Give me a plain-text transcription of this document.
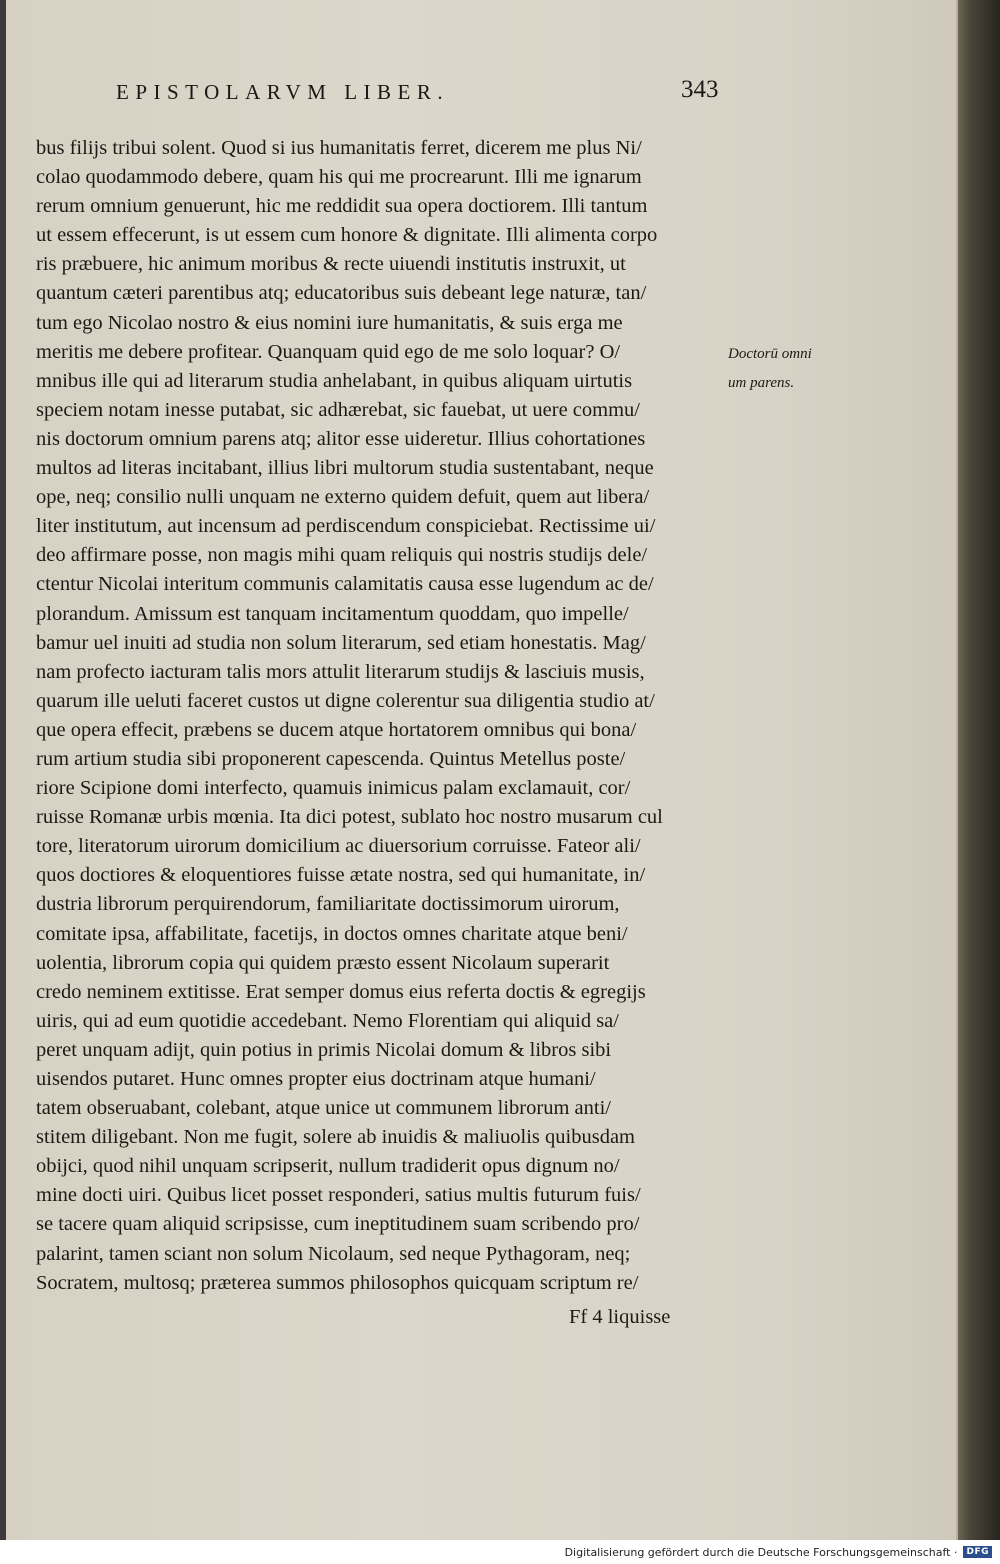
EPISTOLARVM LIBER.	343
bus filijs tribui solent. Quod si ius humanitatis ferret, dicerem me plus Ni/
colao quodammodo debere, quam his qui me procrearunt. Illi me ignarum
rerum omnium genuerunt, hic me reddidit sua opera doctiorem. Illi tantum
ut essem effecerunt, is ut essem cum honore & dignitate. Illi alimenta corpo
ris præbuere, hic animum moribus & recte uiuendi institutis instruxit, ut
quantum cæteri parentibus atq; educatoribus suis debeant lege naturæ, tan/
tum ego Nicolao nostro & eius nomini iure humanitatis, & suis erga me
meritis me debere profitear. Quanquam quid ego de me solo loquar? O/
mnibus ille qui ad literarum studia anhelabant, in quibus aliquam uirtutis
speciem notam inesse putabat, sic adhærebat, sic fauebat, ut uere commu/
nis doctorum omnium parens atq; alitor esse uideretur. Illius cohortationes
multos ad literas incitabant, illius libri multorum studia sustentabant, neque
ope, neq; consilio nulli unquam ne externo quidem defuit, quem aut libera/
liter institutum, aut incensum ad perdiscendum conspiciebat. Rectissime ui/
deo affirmare posse, non magis mihi quam reliquis qui nostris studijs dele/
ctentur Nicolai interitum communis calamitatis causa esse lugendum ac de/
plorandum. Amissum est tanquam incitamentum quoddam, quo impelle/
bamur uel inuiti ad studia non solum literarum, sed etiam honestatis. Mag/
nam profecto iacturam talis mors attulit literarum studijs & lasciuis musis,
quarum ille ueluti faceret custos ut digne colerentur sua diligentia studio at/
que opera effecit, præbens se ducem atque hortatorem omnibus qui bona/
rum artium studia sibi proponerent capescenda. Quintus Metellus poste/
riore Scipione domi interfecto, quamuis inimicus palam exclamauit, cor/
ruisse Romanæ urbis mœnia. Ita dici potest, sublato hoc nostro musarum cul
tore, literatorum uirorum domicilium ac diuersorium corruisse. Fateor ali/
quos doctiores & eloquentiores fuisse ætate nostra, sed qui humanitate, in/
dustria librorum perquirendorum, familiaritate doctissimorum uirorum,
comitate ipsa, affabilitate, facetijs, in doctos omnes charitate atque beni/
uolentia, librorum copia qui quidem præsto essent Nicolaum superarit
credo neminem extitisse. Erat semper domus eius referta doctis & egregijs
uiris, qui ad eum quotidie accedebant. Nemo Florentiam qui aliquid sa/
peret unquam adijt, quin potius in primis Nicolai domum & libros sibi
uisendos putaret. Hunc omnes propter eius doctrinam atque humani/
tatem obseruabant, colebant, atque unice ut communem librorum anti/
stitem diligebant. Non me fugit, solere ab inuidis & maliuolis quibusdam
obijci, quod nihil unquam scripserit, nullum tradiderit opus dignum no/
mine docti uiri. Quibus licet posset responderi, satius multis futurum fuis/
se tacere quam aliquid scripsisse, cum ineptitudinem suam scribendo pro/
palarint, tamen sciant non solum Nicolaum, sed neque Pythagoram, neq;
Socratem, multosq; prætereа summos philosophos quicquam scriptum re/
Doctorū omni
um parens.
Ff 4 liquisse
Digitalisierung gefördert durch die Deutsche Forschungsgemeinschaft ·	DFG
